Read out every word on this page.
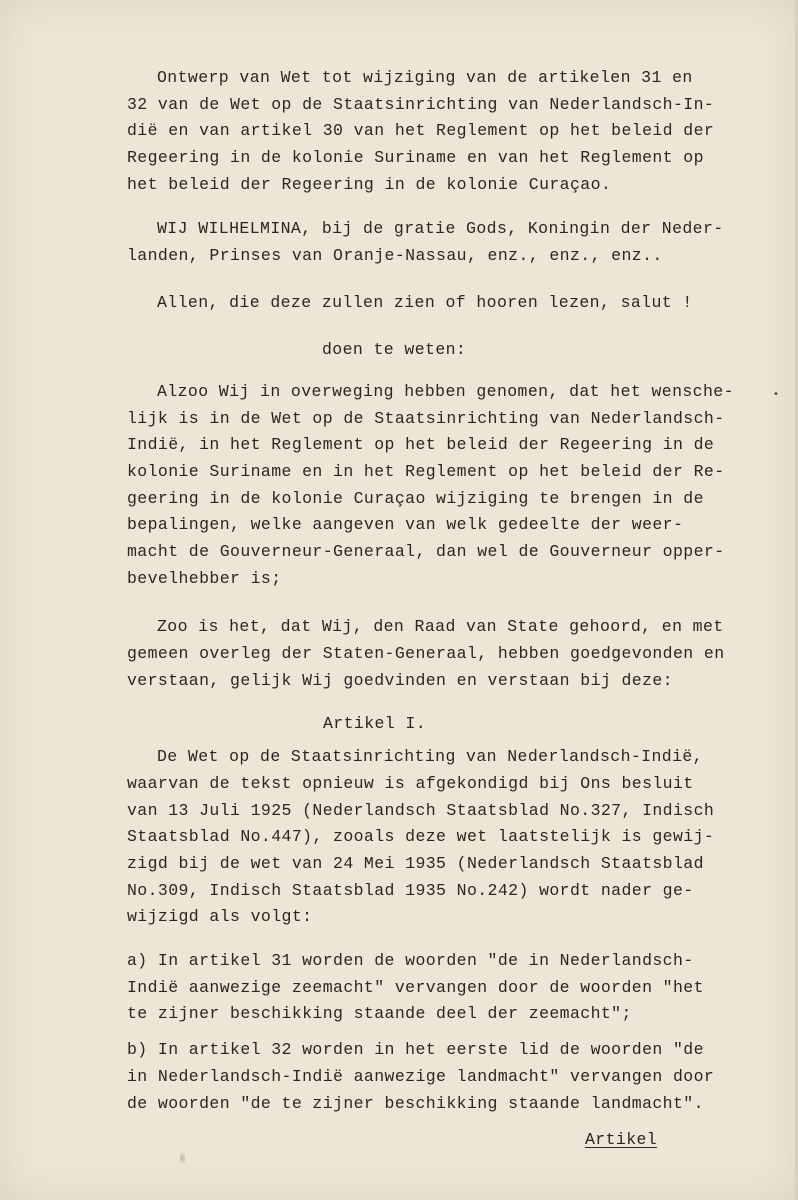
Ontwerp van Wet tot wijziging van de artikelen 31 en
32 van de Wet op de Staatsinrichting van Nederlandsch-In-
dië en van artikel 30 van het Reglement op het beleid der
Regeering in de kolonie Suriname en van het Reglement op
het beleid der Regeering in de kolonie Curaçao.
WIJ WILHELMINA, bij de gratie Gods, Koningin der Neder-
landen, Prinses van Oranje-Nassau, enz., enz., enz..
Allen, die deze zullen zien of hooren lezen, salut !
doen te weten:
Alzoo Wij in overweging hebben genomen, dat het wensche-
lijk is in de Wet op de Staatsinrichting van Nederlandsch-
Indië, in het Reglement op het beleid der Regeering in de
kolonie Suriname en in het Reglement op het beleid der Re-
geering in de kolonie Curaçao wijziging te brengen in de
bepalingen, welke aangeven van welk gedeelte der weer-
macht de Gouverneur-Generaal, dan wel de Gouverneur opper-
bevelhebber is;
•
Zoo is het, dat Wij, den Raad van State gehoord, en met
gemeen overleg der Staten-Generaal, hebben goedgevonden en
verstaan, gelijk Wij goedvinden en verstaan bij deze:
Artikel I.
De Wet op de Staatsinrichting van Nederlandsch-Indië,
waarvan de tekst opnieuw is afgekondigd bij Ons besluit
van 13 Juli 1925 (Nederlandsch Staatsblad No.327, Indisch
Staatsblad No.447), zooals deze wet laatstelijk is gewij-
zigd bij de wet van 24 Mei 1935 (Nederlandsch Staatsblad
No.309, Indisch Staatsblad 1935 No.242) wordt nader ge-
wijzigd als volgt:
a) In artikel 31 worden de woorden "de in Nederlandsch-
Indië aanwezige zeemacht" vervangen door de woorden "het
te zijner beschikking staande deel der zeemacht";
b) In artikel 32 worden in het eerste lid de woorden "de
in Nederlandsch-Indië aanwezige landmacht" vervangen door
de woorden "de te zijner beschikking staande landmacht".
Artikel
